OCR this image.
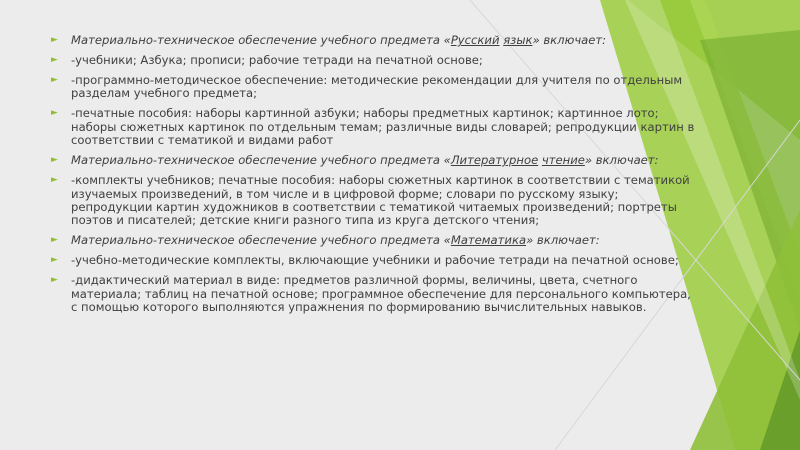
► Материально-техническое обеспечение учебного предмета «Русский язык» включает:
► -учебники; Азбука; прописи; рабочие тетради на печатной основе;
► -программно-методическое обеспечение: методические рекомендации для учителя по отдельным разделам учебного предмета;
► -печатные пособия: наборы картинной азбуки; наборы предметных картинок; картинное лото; наборы сюжетных картинок по отдельным темам; различные виды словарей; репродукции картин в соответствии с тематикой и видами работ
► Материально-техническое обеспечение учебного предмета «Литературное чтение» включает:
► -комплекты учебников; печатные пособия: наборы сюжетных картинок в соответствии с тематикой изучаемых произведений, в том числе и в цифровой форме; словари по русскому языку; репродукции картин художников в соответствии с тематикой читаемых произведений; портреты поэтов и писателей; детские книги разного типа из круга детского чтения;
► Материально-техническое обеспечение учебного предмета «Математика» включает:
► -учебно-методические комплекты, включающие учебники и рабочие тетради на печатной основе;
► -дидактический материал в виде: предметов различной формы, величины, цвета, счетного материала; таблиц на печатной основе; программное обеспечение для персонального компьютера, с помощью которого выполняются упражнения по формированию вычислительных навыков.
